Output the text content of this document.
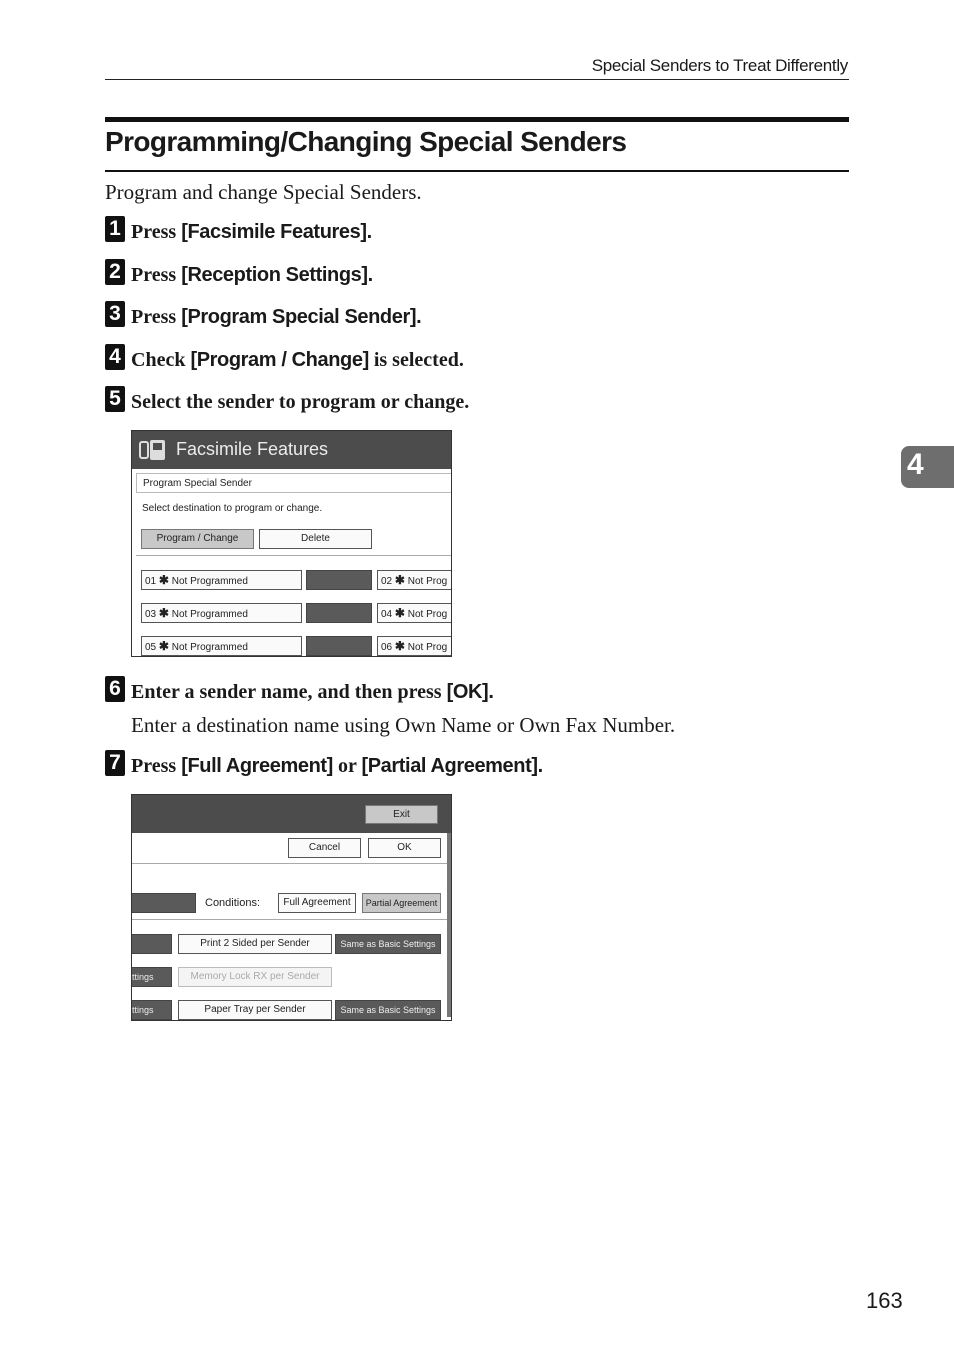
Special Senders to Treat Differently
Programming/Changing Special Senders
Program and change Special Senders.
1 Press [Facsimile Features].
2 Press [Reception Settings].
3 Press [Program Special Sender].
4 Check [Program / Change] is selected.
5 Select the sender to program or change.
Facsimile Features
Program Special Sender
Select destination to program or change.
Program / Change	Delete
01 ✱ Not Programmed	02 ✱ Not Prog
03 ✱ Not Programmed	04 ✱ Not Prog
05 ✱ Not Programmed	06 ✱ Not Prog
6 Enter a sender name, and then press [OK].
Enter a destination name using Own Name or Own Fax Number.
7 Press [Full Agreement] or [Partial Agreement].
Exit
Cancel	OK
Conditions:	Full Agreement	Partial Agreement
Print 2 Sided per Sender	Same as Basic Settings
ttings	Memory Lock RX per Sender
ttings	Paper Tray per Sender	Same as Basic Settings
4
163
